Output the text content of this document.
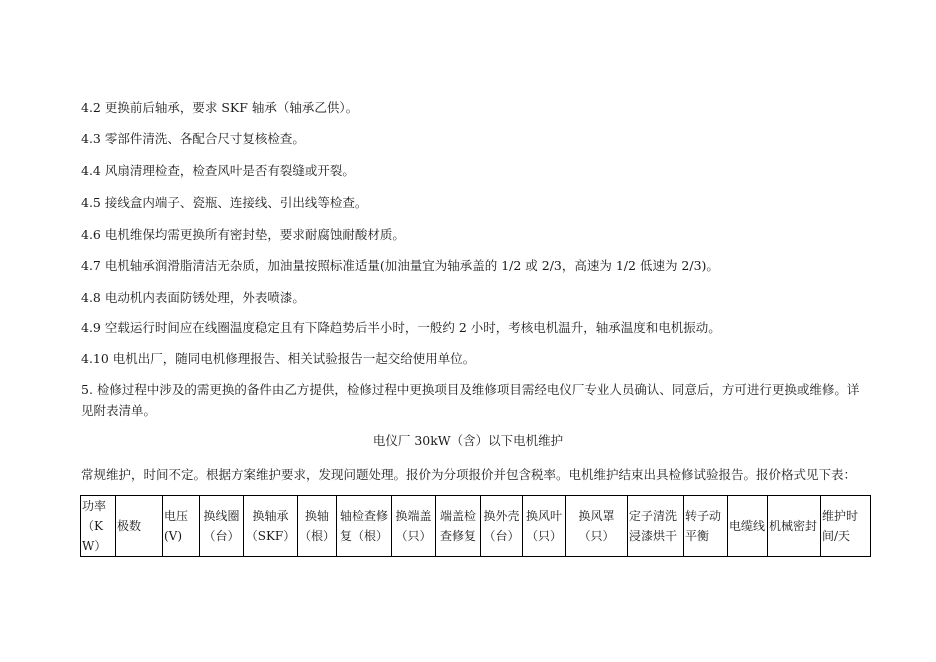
4.2 更换前后轴承，要求 SKF 轴承（轴承乙供）。
4.3 零部件清洗、各配合尺寸复核检查。
4.4 风扇清理检查，检查风叶是否有裂缝或开裂。
4.5 接线盒内端子、瓷瓶、连接线、引出线等检查。
4.6 电机维保均需更换所有密封垫，要求耐腐蚀耐酸材质。
4.7 电机轴承润滑脂清洁无杂质，加油量按照标准适量(加油量宜为轴承盖的 1/2 或 2/3，高速为 1/2 低速为 2/3)。
4.8 电动机内表面防锈处理，外表喷漆。
4.9 空载运行时间应在线圈温度稳定且有下降趋势后半小时，一般约 2 小时，考核电机温升，轴承温度和电机振动。
4.10 电机出厂，随同电机修理报告、相关试验报告一起交给使用单位。
5. 检修过程中涉及的需更换的备件由乙方提供，检修过程中更换项目及维修项目需经电仪厂专业人员确认、同意后，方可进行更换或维修。详见附表清单。
电仪厂 30kW（含）以下电机维护
常规维护，时间不定。根据方案维护要求，发现问题处理。报价为分项报价并包含税率。电机维护结束出具检修试验报告。报价格式见下表：
功率（KW）	极数	电压(V)	换线圈（台）	换轴承（SKF）	换轴（根）	轴检查修复（根）	换端盖（只）	端盖检查修复	换外壳（台）	换风叶（只）	换风罩（只）	定子清洗浸漆烘干	转子动平衡	电缆线	机械密封	维护时间/天
